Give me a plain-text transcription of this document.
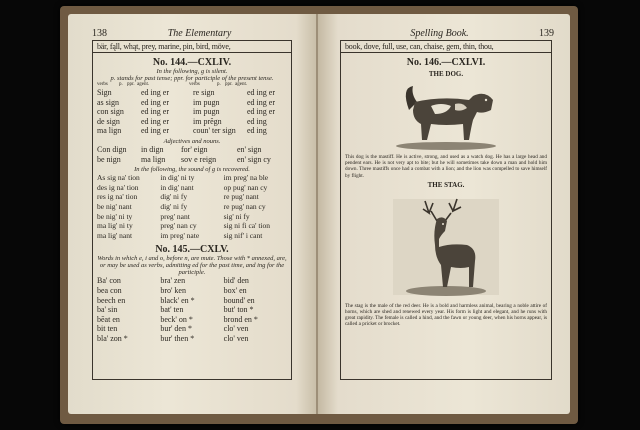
138	The Elementary
bär, fąll, whąt, prey, marine, pin, bird, möve,
No. 144.—CXLIV.
In the following, g is silent.
p. stands for past tense; ppr. for participle of the present tense.
verbs	p. ppr. agent.	verbs	p. ppr. agent.
Sign	ed ing er	re sign	ed ing er
as sign	ed ing er	im pugn	ed ing er
con sign	ed ing er	im pugn	ed ing er
de sign	ed ing er	im prĕgn	ed ing
ma lign	ed ing er	coun' ter sign	ed ing
Adjectives and nouns.
Con dign	in dign	for' eign	en' sign
be nign	ma lign	sov e reign	en' sign cy
In the following, the sound of g is recovered.
As sig na' tion	in dig' ni ty	im preg' na ble
des ig na' tion	in dig' nant	op pug' nan cy
res ig na' tion	dig' ni fy	re pug' nant
be nig' nant	dig' ni fy	re pug' nan cy
be nig' ni ty	preg' nant	sig' ni fy
ma lig' ni ty	preg' nan cy	sig ni fi ca' tion
ma lig' nant	im preg' nate	sig nif' i cant
No. 145.—CXLV.
Words in which e, i and o, before n, are mute. Those with * annexed, are, or may be used as verbs, admitting ed for the past time, and ing for the participle.
Ba' con	bra' zen	bid' den
bea con	bro' ken	box' en
beech en	black' en *	bound' en
ba' sin	bat' ten	but' ton *
bēat en	beck' on *	brond en *
bit ten	bur' den *	clo' ven
bla' zon *	bur' then *	clo' ven
Spelling Book.	139
book, dove, full, use, can, chaise, gem, thin, thou,
No. 146.—CXLVI.
THE DOG.
This dog is the mastiff. He is active, strong, and used as a watch dog. He has a large head and pendent ears. He is not very apt to bite; but he will sometimes take down a man and hold him down. Three mastiffs once had a combat with a lion; and the lion was compelled to save himself by flight.
THE STAG.
The stag is the male of the red deer. He is a bold and harmless animal, bearing a noble attire of horns, which are shed and renewed every year. His form is light and elegant, and he runs with great rapidity. The female is called a hind, and the fawn or young deer, when his horns appear, is called a pricket or brocket.
